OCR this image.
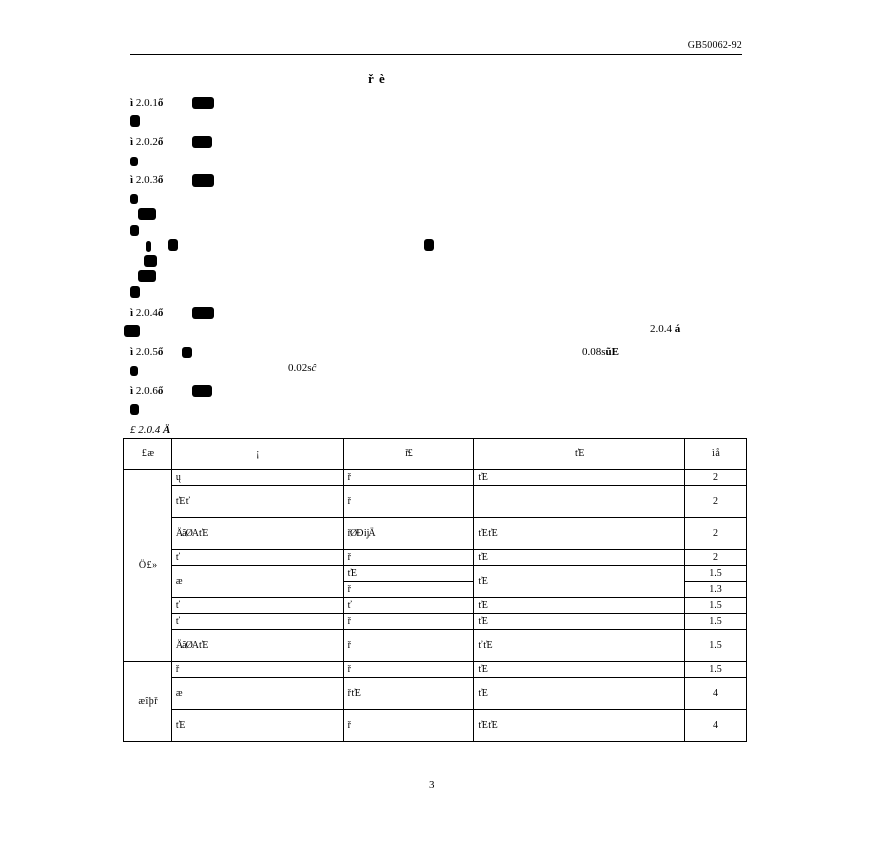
GB50062-92
ř è
ì 2.0.1ő
ì 2.0.2ő
ì 2.0.3ő
ì 2.0.4ő
2.0.4 á
ì 2.0.5ő	0.08sũE
0.02sĉ
ì 2.0.6ő
£ 2.0.4 Ä
£ æ	¡	ř£	ťE	ì å
Ö £ »	ų	ř	ťE	2
	ťE ť	ř		2
	ÄãØA ťE	řØÐ ĳÄ	ťE ťE	2
	ť	ř	ťE	2
	æ	ťE	ťE	1.5
		ř		1.3
	ť	ť	ťE	1.5
	ť	ř	ťE	1.5
	ÄãØA ťE	ř	ť ťE	1.5
æ î þ ř	ř	ř	ťE	1.5
	æ	ř ťE	ťE	4
	ťE	ř	ťE ťE	4
3
